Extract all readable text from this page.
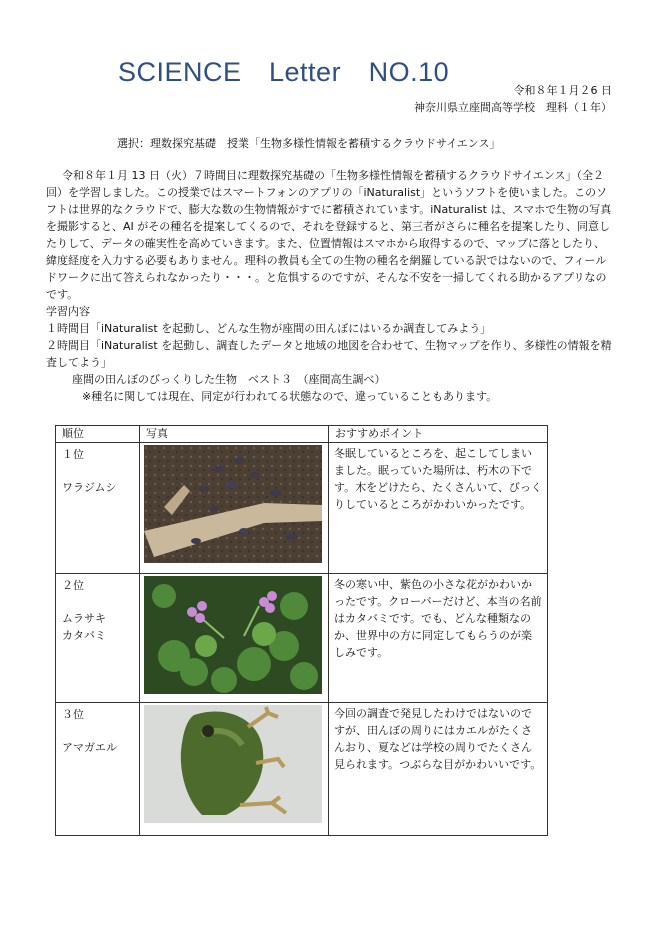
SCIENCE　Letter　NO.10
令和８年１月２6 日
神奈川県立座間高等学校　理科（１年）
選択：理数探究基礎　授業「生物多様性情報を蓄積するクラウドサイエンス」

令和８年１月 13 日（火）７時間目に理数探究基礎の「生物多様性情報を蓄積するクラウドサイエンス」（全２回）を学習しました。この授業ではスマートフォンのアプリの「iNaturalist」というソフトを使いました。このソフトは世界的なクラウドで、膨大な数の生物情報がすでに蓄積されています。iNaturalist は、スマホで生物の写真を撮影すると、AI がその種名を提案してくるので、それを登録すると、第三者がさらに種名を提案したり、同意したりして、データの確実性を高めていきます。また、位置情報はスマホから取得するので、マップに落としたり、緯度経度を入力する必要もありません。理科の教員も全ての生物の種名を網羅している訳ではないので、フィールドワークに出て答えられなかったり・・・。と危惧するのですが、そんな不安を一掃してくれる助かるアプリなのです。

学習内容

１時間目「iNaturalist を起動し、どんな生物が座間の田んぼにはいるか調査してみよう」

２時間目「iNaturalist を起動し、調査したデータと地域の地図を合わせて、生物マップを作り、多様性の情報を精査してよう」

座間の田んぼのびっくりした生物　ベスト３　（座間高生調べ）

※種名に関しては現在、同定が行われてる状態なので、違っていることもあります。

順位	写真	おすすめポイント

１位
ワラジムシ		冬眠しているところを、起こしてしまいました。眠っていた場所は、朽木の下です。木をどけたら、たくさんいて、びっくりしているところがかわいかったです。

２位
ムラサキ
カタバミ		冬の寒い中、紫色の小さな花がかわいかったです。クローバーだけど、本当の名前はカタバミです。でも、どんな種類なのか、世界中の方に同定してもらうのが楽しみです。

３位
アマガエル		今回の調査で発見したわけではないのですが、田んぼの周りにはカエルがたくさんおり、夏などは学校の周りでたくさん見られます。つぶらな目がかわいいです。
